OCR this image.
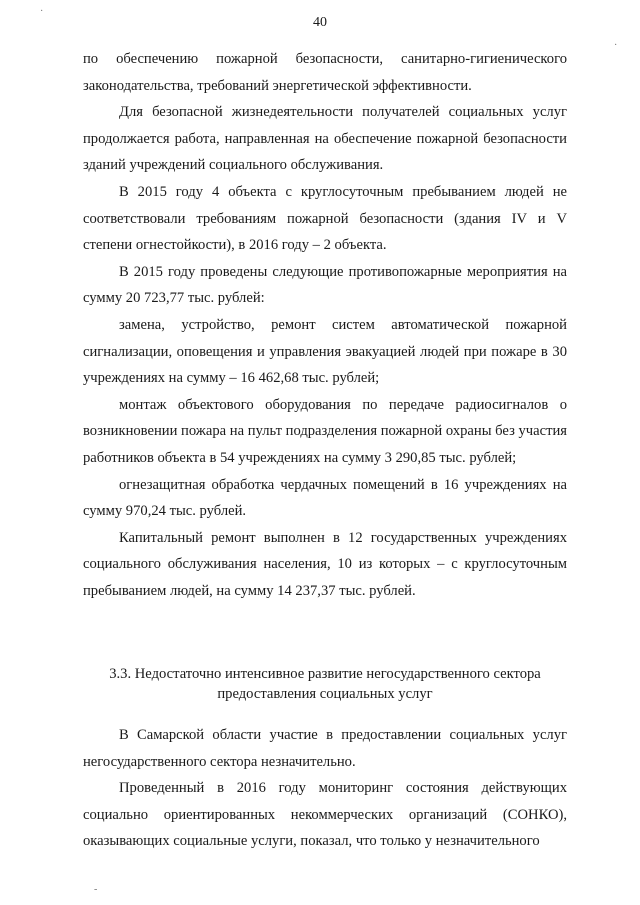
·
·
40

по обеспечению пожарной безопасности, санитарно-гигиенического законодательства, требований энергетической эффективности.

Для безопасной жизнедеятельности получателей социальных услуг продолжается работа, направленная на обеспечение пожарной безопасности зданий учреждений социального обслуживания.

В 2015 году 4 объекта с круглосуточным пребыванием людей не соответствовали требованиям пожарной безопасности (здания IV и V степени огнестойкости), в 2016 году – 2 объекта.

В 2015 году проведены следующие противопожарные мероприятия на сумму 20 723,77 тыс. рублей:

замена, устройство, ремонт систем автоматической пожарной сигнализации, оповещения и управления эвакуацией людей при пожаре в 30 учреждениях на сумму – 16 462,68 тыс. рублей;

монтаж объектового оборудования по передаче радиосигналов о возникновении пожара на пульт подразделения пожарной охраны без участия работников объекта в 54 учреждениях на сумму 3 290,85 тыс. рублей;

огнезащитная обработка чердачных помещений в 16 учреждениях на сумму 970,24 тыс. рублей.

Капитальный ремонт выполнен в 12 государственных учреждениях социального обслуживания населения, 10 из которых – с круглосуточным пребыванием людей, на сумму 14 237,37 тыс. рублей.

3.3. Недостаточно интенсивное развитие негосударственного сектора
предоставления социальных услуг

В Самарской области участие в предоставлении социальных услуг негосударственного сектора незначительно.

Проведенный в 2016 году мониторинг состояния действующих социально ориентированных некоммерческих организаций (СОНКО), оказывающих социальные услуги, показал, что только у незначительного

-
